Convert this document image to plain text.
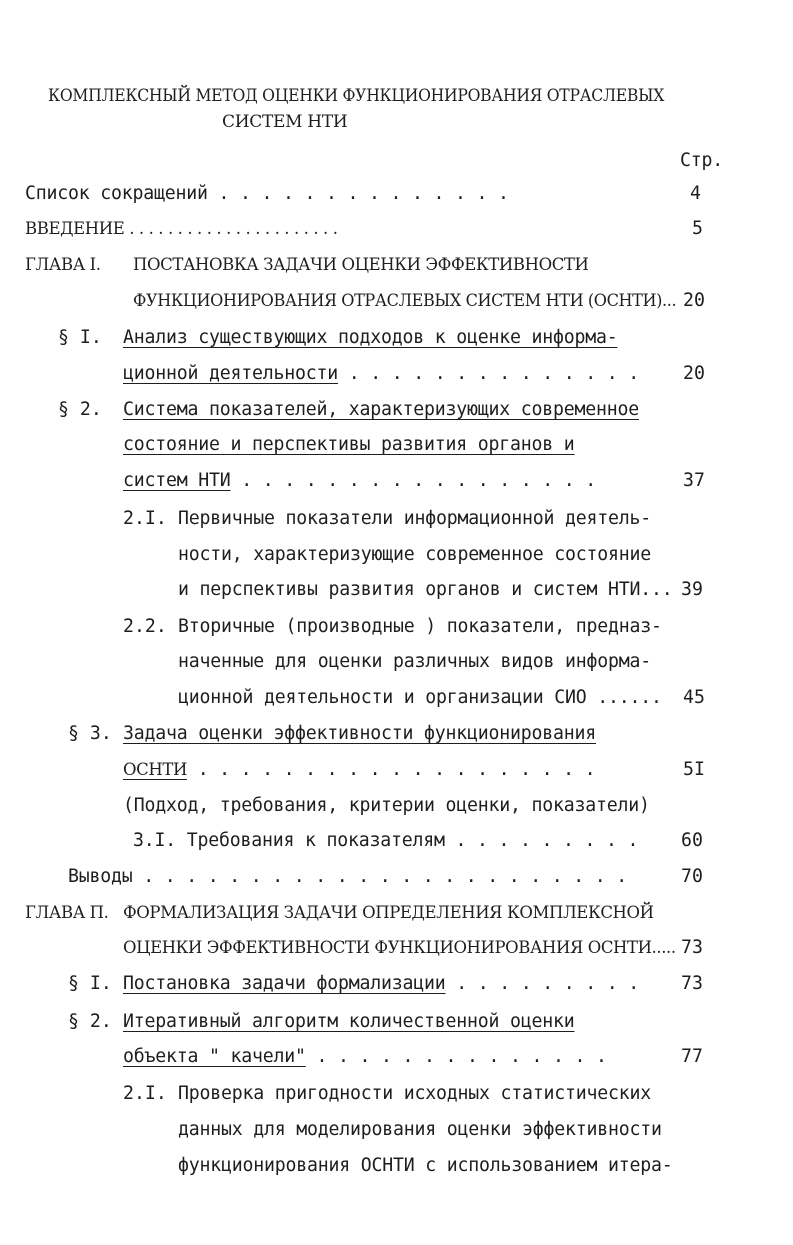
КОМПЛЕКСНЫЙ МЕТОД ОЦЕНКИ ФУНКЦИОНИРОВАНИЯ ОТРАСЛЕВЫХ
СИСТЕМ НТИ
Стр.
Список сокращений . . . . . . . . . . . . . .	4
ВВЕДЕНИЕ . . . . . . . . . . . . . . . . . . . . . .	5
ГЛАВА I. ПОСТАНОВКА ЗАДАЧИ ОЦЕНКИ ЭФФЕКТИВНОСТИ
ФУНКЦИОНИРОВАНИЯ ОТРАСЛЕВЫХ СИСТЕМ НТИ (ОСНТИ)... 20
§ I. Анализ существующих подходов к оценке информа-
ционной деятельности . . . . . . . . . . . . . . 20
§ 2. Система показателей, характеризующих современное
состояние и перспективы развития органов и
систем НТИ . . . . . . . . . . . . . . . . .	37
2.I. Первичные показатели информационной деятель-
ности, характеризующие современное состояние
и перспективы развития органов и систем НТИ... 39
2.2. Вторичные (производные ) показатели, предназ-
наченные для оценки различных видов информа-
ционной деятельности и организации СИО ...... 45
§ 3. Задача оценки эффективности функционирования
ОСНТИ . . . . . . . . . . . . . . . . . . .	5I
(Подход, требования, критерии оценки, показатели)
3.I. Требования к показателям . . . . . . . . . 60
Выводы . . . . . . . . . . . . . . . . . . . . . . .	70
ГЛАВА П. ФОРМАЛИЗАЦИЯ ЗАДАЧИ ОПРЕДЕЛЕНИЯ КОМПЛЕКСНОЙ
ОЦЕНКИ ЭФФЕКТИВНОСТИ ФУНКЦИОНИРОВАНИЯ ОСНТИ..... 73
§ I. Постановка задачи формализации . . . . . . . . . 73
§ 2. Итеративный алгоритм количественной оценки
объекта " качели" . . . . . . . . . . . . . .	77
2.I. Проверка пригодности исходных статистических
данных для моделирования оценки эффективности
функционирования ОСНТИ с использованием итера-
